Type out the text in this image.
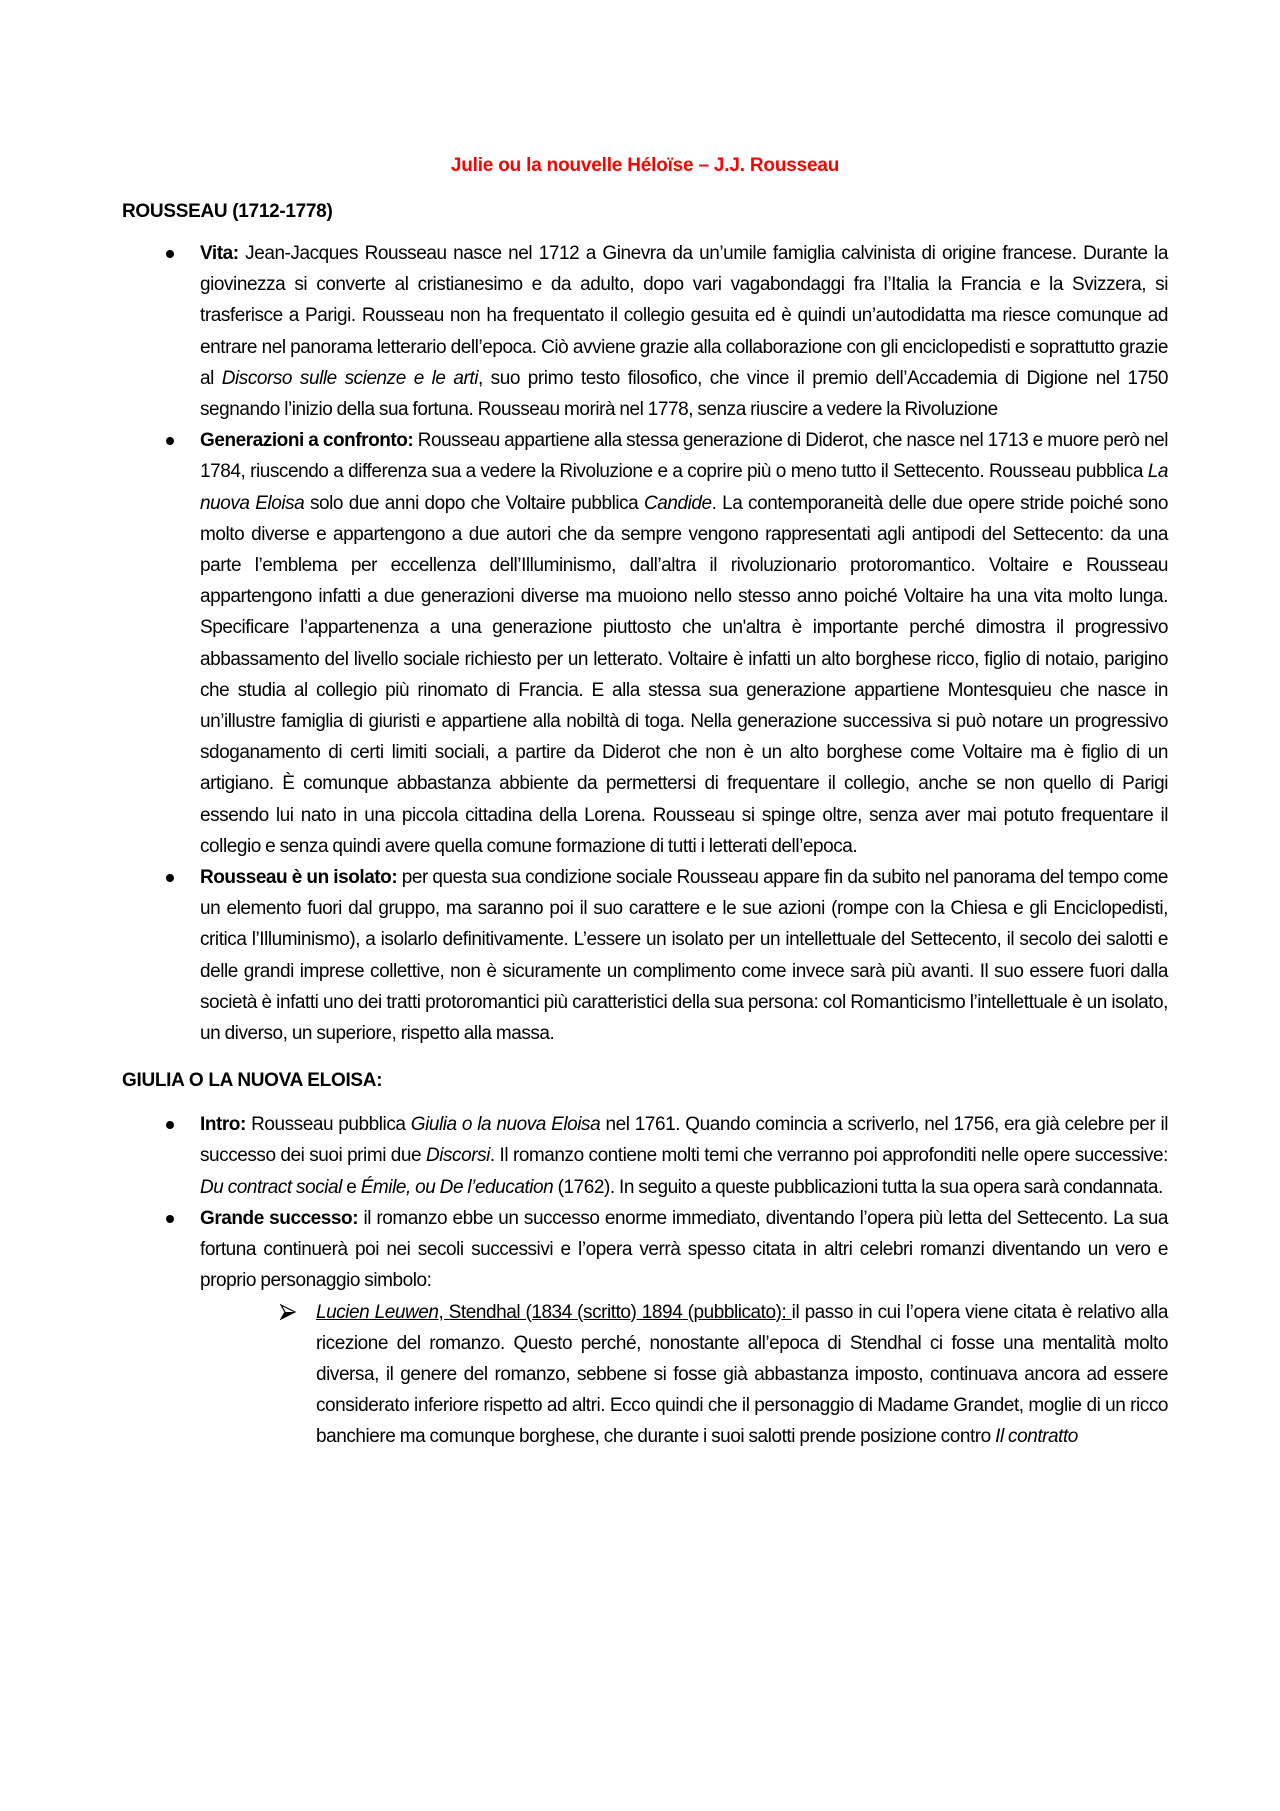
Julie ou la nouvelle Héloïse – J.J. Rousseau
ROUSSEAU (1712-1778)
Vita: Jean-Jacques Rousseau nasce nel 1712 a Ginevra da un’umile famiglia calvinista di origine francese. Durante la giovinezza si converte al cristianesimo e da adulto, dopo vari vagabondaggi fra l’Italia la Francia e la Svizzera, si trasferisce a Parigi. Rousseau non ha frequentato il collegio gesuita ed è quindi un’autodidatta ma riesce comunque ad entrare nel panorama letterario dell’epoca. Ciò avviene grazie alla collaborazione con gli enciclopedisti e soprattutto grazie al Discorso sulle scienze e le arti, suo primo testo filosofico, che vince il premio dell’Accademia di Digione nel 1750 segnando l’inizio della sua fortuna. Rousseau morirà nel 1778, senza riuscire a vedere la Rivoluzione
Generazioni a confronto: Rousseau appartiene alla stessa generazione di Diderot, che nasce nel 1713 e muore però nel 1784, riuscendo a differenza sua a vedere la Rivoluzione e a coprire più o meno tutto il Settecento. Rousseau pubblica La nuova Eloisa solo due anni dopo che Voltaire pubblica Candide. La contemporaneità delle due opere stride poiché sono molto diverse e appartengono a due autori che da sempre vengono rappresentati agli antipodi del Settecento: da una parte l’emblema per eccellenza dell’Illuminismo, dall’altra il rivoluzionario protoromantico. Voltaire e Rousseau appartengono infatti a due generazioni diverse ma muoiono nello stesso anno poiché Voltaire ha una vita molto lunga. Specificare l’appartenenza a una generazione piuttosto che un'altra è importante perché dimostra il progressivo abbassamento del livello sociale richiesto per un letterato. Voltaire è infatti un alto borghese ricco, figlio di notaio, parigino che studia al collegio più rinomato di Francia. E alla stessa sua generazione appartiene Montesquieu che nasce in un’illustre famiglia di giuristi e appartiene alla nobiltà di toga. Nella generazione successiva si può notare un progressivo sdoganamento di certi limiti sociali, a partire da Diderot che non è un alto borghese come Voltaire ma è figlio di un artigiano. È comunque abbastanza abbiente da permettersi di frequentare il collegio, anche se non quello di Parigi essendo lui nato in una piccola cittadina della Lorena. Rousseau si spinge oltre, senza aver mai potuto frequentare il collegio e senza quindi avere quella comune formazione di tutti i letterati dell’epoca.
Rousseau è un isolato: per questa sua condizione sociale Rousseau appare fin da subito nel panorama del tempo come un elemento fuori dal gruppo, ma saranno poi il suo carattere e le sue azioni (rompe con la Chiesa e gli Enciclopedisti, critica l’Illuminismo), a isolarlo definitivamente. L’essere un isolato per un intellettuale del Settecento, il secolo dei salotti e delle grandi imprese collettive, non è sicuramente un complimento come invece sarà più avanti. Il suo essere fuori dalla società è infatti uno dei tratti protoromantici più caratteristici della sua persona: col Romanticismo l’intellettuale è un isolato, un diverso, un superiore, rispetto alla massa.
GIULIA O LA NUOVA ELOISA:
Intro: Rousseau pubblica Giulia o la nuova Eloisa nel 1761. Quando comincia a scriverlo, nel 1756, era già celebre per il successo dei suoi primi due Discorsi. Il romanzo contiene molti temi che verranno poi approfonditi nelle opere successive: Du contract social e Émile, ou De l’education (1762). In seguito a queste pubblicazioni tutta la sua opera sarà condannata.
Grande successo: il romanzo ebbe un successo enorme immediato, diventando l’opera più letta del Settecento. La sua fortuna continuerà poi nei secoli successivi e l’opera verrà spesso citata in altri celebri romanzi diventando un vero e proprio personaggio simbolo:
Lucien Leuwen, Stendhal (1834 (scritto) 1894 (pubblicato): il passo in cui l’opera viene citata è relativo alla ricezione del romanzo. Questo perché, nonostante all’epoca di Stendhal ci fosse una mentalità molto diversa, il genere del romanzo, sebbene si fosse già abbastanza imposto, continuava ancora ad essere considerato inferiore rispetto ad altri. Ecco quindi che il personaggio di Madame Grandet, moglie di un ricco banchiere ma comunque borghese, che durante i suoi salotti prende posizione contro Il contratto
